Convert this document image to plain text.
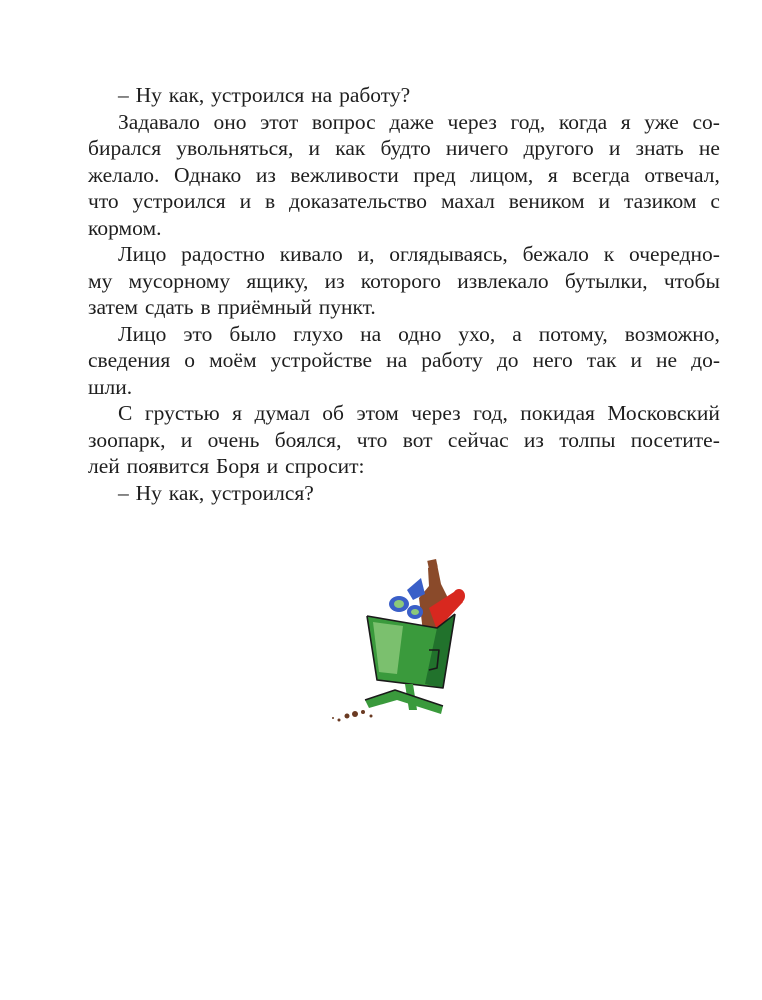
– Ну как, устроился на работу?
Задавало оно этот вопрос даже через год, когда я уже со-
бирался увольняться, и как будто ничего другого и знать не
желало. Однако из вежливости пред лицом, я всегда отвечал,
что устроился и в доказательство махал веником и тазиком с
кормом.
Лицо радостно кивало и, оглядываясь, бежало к очередно-
му мусорному ящику, из которого извлекало бутылки, чтобы
затем сдать в приёмный пункт.
Лицо это было глухо на одно ухо, а потому, возможно,
сведения о моём устройстве на работу до него так и не до-
шли.
С грустью я думал об этом через год, покидая Московский
зоопарк, и очень боялся, что вот сейчас из толпы посетите-
лей появится Боря и спросит:
– Ну как, устроился?
